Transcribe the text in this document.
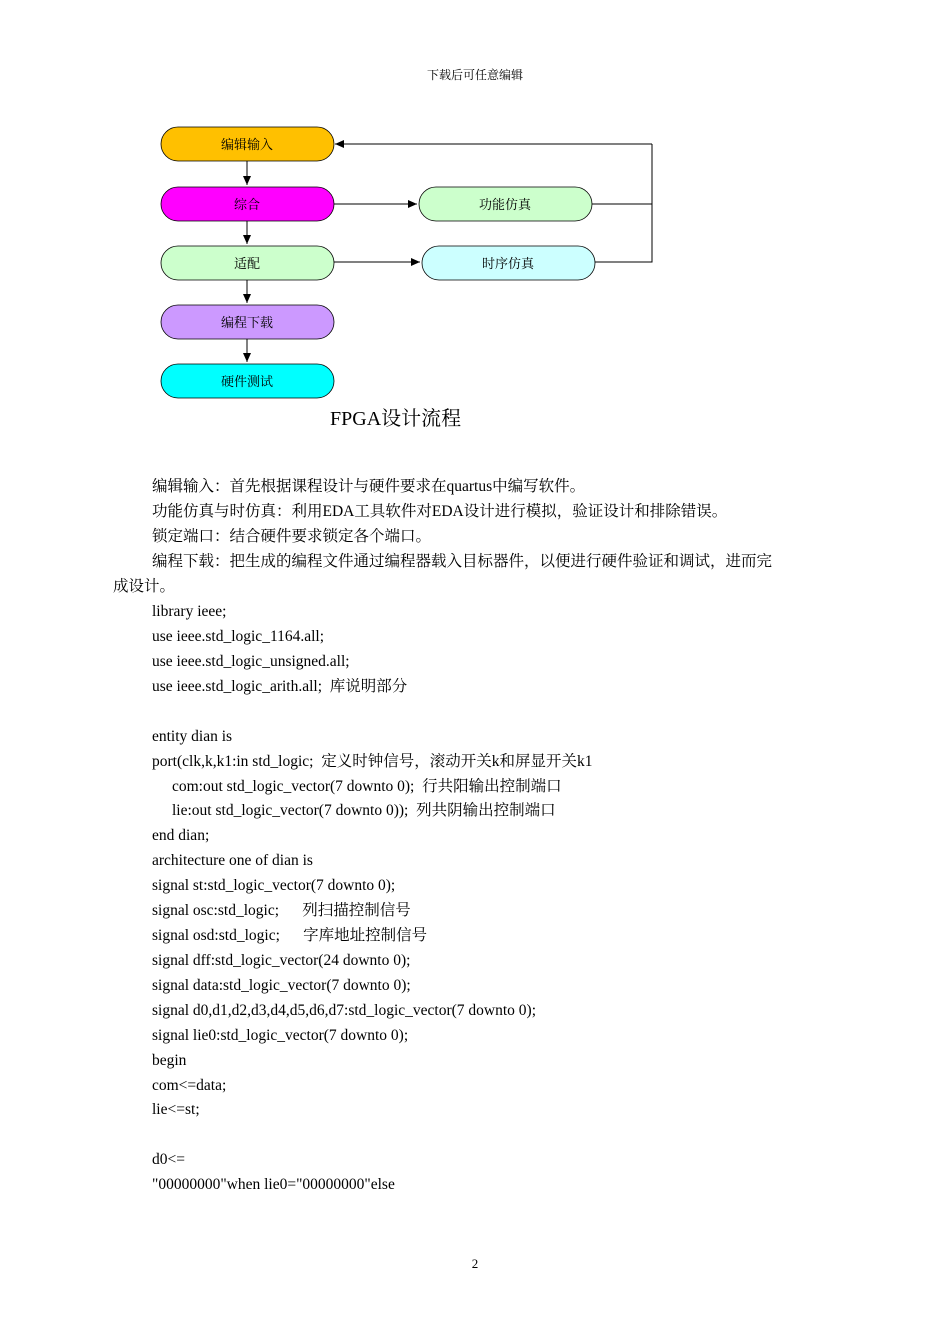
下载后可任意编辑
编辑输入
综合
适配
编程下载
硬件测试
功能仿真
时序仿真
FPGA设计流程
编辑输入：首先根据课程设计与硬件要求在quartus中编写软件。
功能仿真与时仿真：利用EDA工具软件对EDA设计进行模拟，验证设计和排除错误。
锁定端口：结合硬件要求锁定各个端口。
编程下载：把生成的编程文件通过编程器载入目标器件，以便进行硬件验证和调试，进而完
成设计。
library ieee;
use ieee.std_logic_1164.all;
use ieee.std_logic_unsigned.all;
use ieee.std_logic_arith.all;  库说明部分
entity dian is
port(clk,k,k1:in std_logic;  定义时钟信号，滚动开关k和屏显开关k1
com:out std_logic_vector(7 downto 0);  行共阳输出控制端口
lie:out std_logic_vector(7 downto 0));  列共阴输出控制端口
end dian;
architecture one of dian is
signal st:std_logic_vector(7 downto 0);
signal osc:std_logic;      列扫描控制信号
signal osd:std_logic;      字库地址控制信号
signal dff:std_logic_vector(24 downto 0);
signal data:std_logic_vector(7 downto 0);
signal d0,d1,d2,d3,d4,d5,d6,d7:std_logic_vector(7 downto 0);
signal lie0:std_logic_vector(7 downto 0);
begin
com<=data;
lie<=st;
d0<=
"00000000"when lie0="00000000"else
2
